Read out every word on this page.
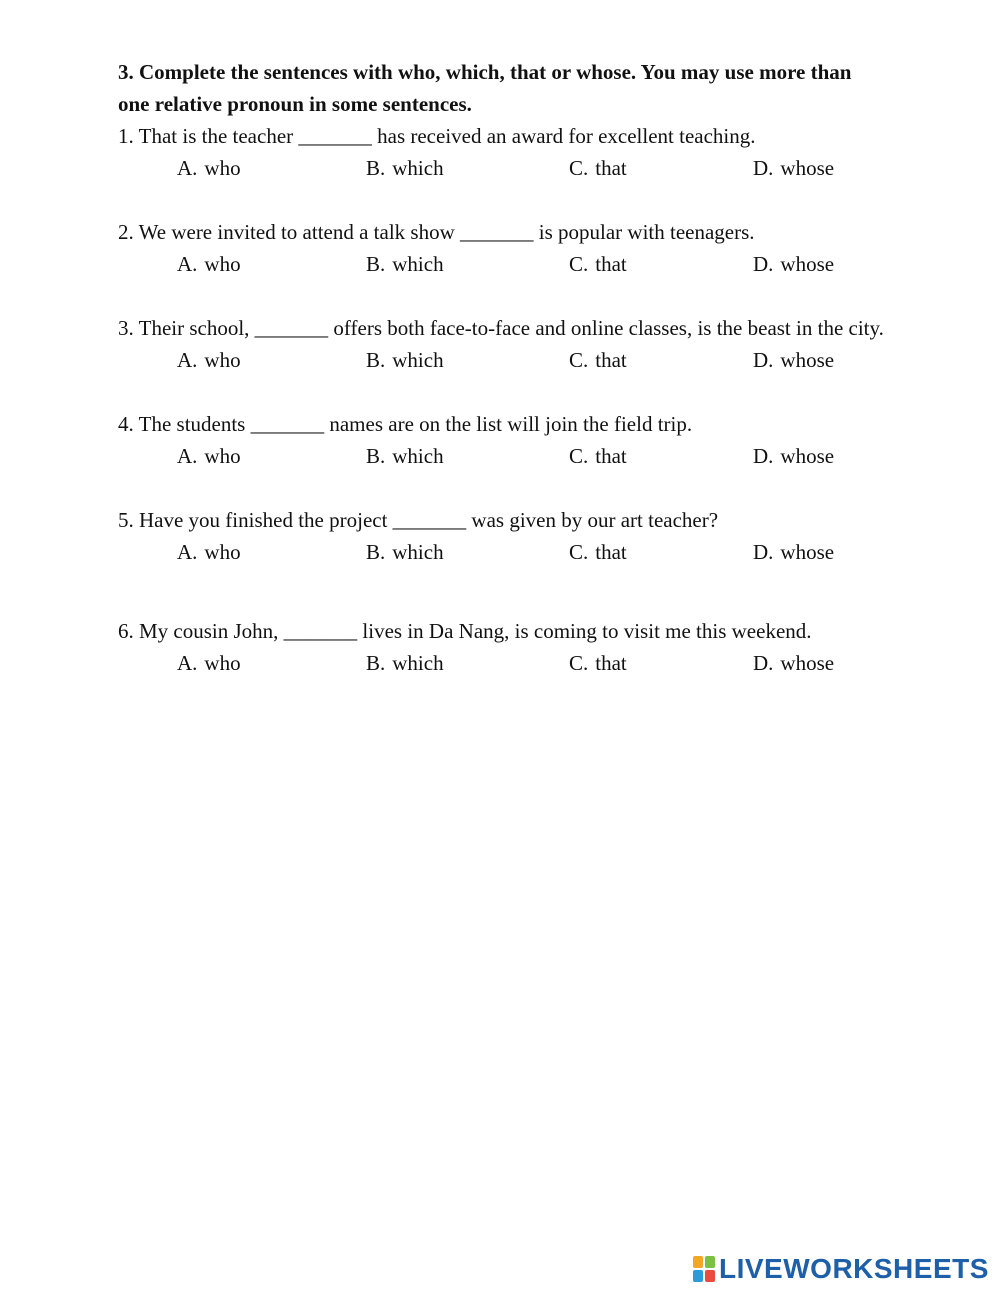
3. Complete the sentences with who, which, that or whose. You may use more than one relative pronoun in some sentences.

1. That is the teacher _______ has received an award for excellent teaching.

A. who	B. which	C. that	D. whose

2. We were invited to attend a talk show _______ is popular with teenagers.

A. who	B. which	C. that	D. whose

3. Their school, _______ offers both face-to-face and online classes, is the beast in the city.

A. who	B. which	C. that	D. whose

4. The students _______ names are on the list will join the field trip.

A. who	B. which	C. that	D. whose

5. Have you finished the project _______ was given by our art teacher?

A. who	B. which	C. that	D. whose

6. My cousin John, _______ lives in Da Nang, is coming to visit me this weekend.

A. who	B. which	C. that	D. whose
LIVEWORKSHEETS
